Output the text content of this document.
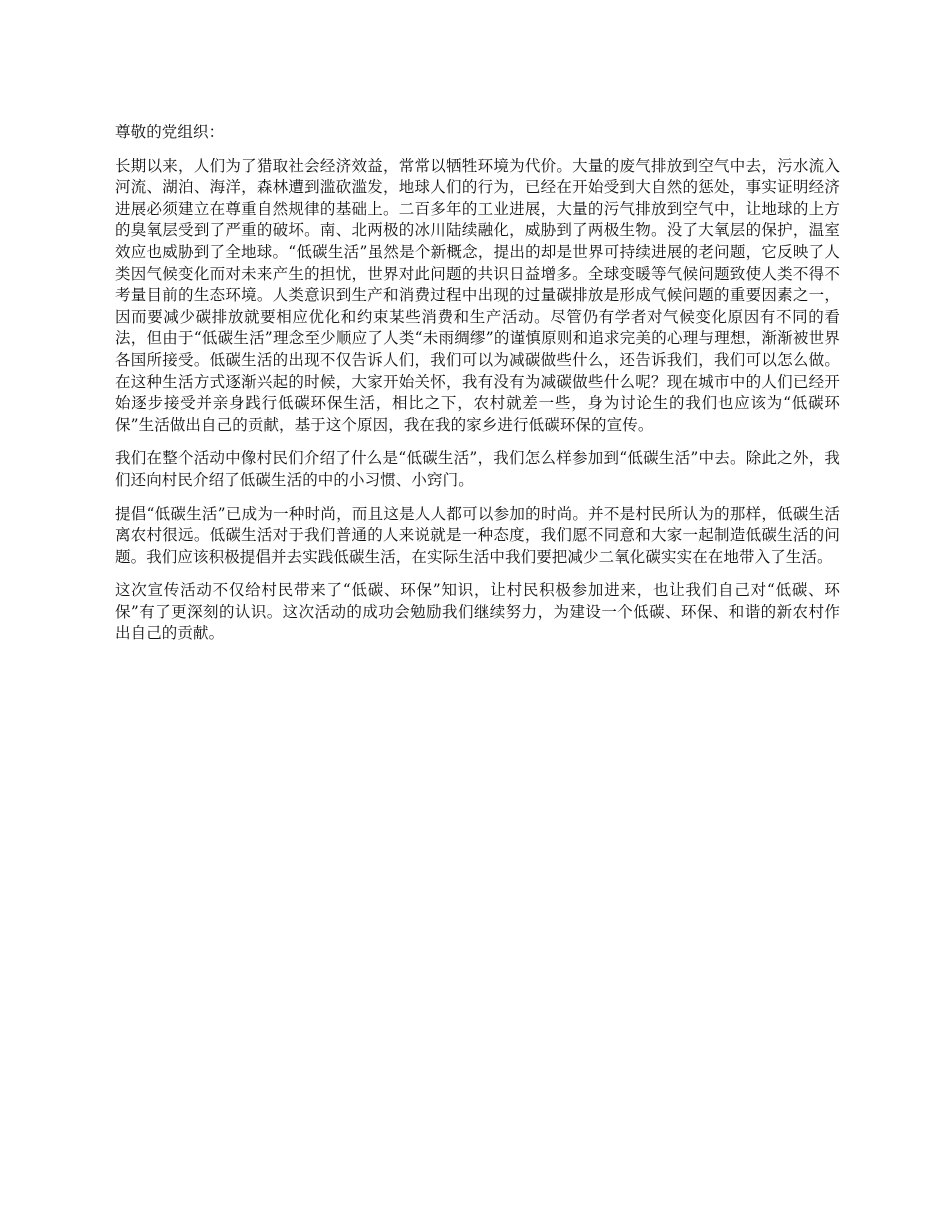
尊敬的党组织：

长期以来，人们为了猎取社会经济效益，常常以牺牲环境为代价。大量的废气排放到空气中去，污水流入河流、湖泊、海洋，森林遭到滥砍滥发，地球人们的行为，已经在开始受到大自然的惩处，事实证明经济进展必须建立在尊重自然规律的基础上。二百多年的工业进展，大量的污气排放到空气中，让地球的上方的臭氧层受到了严重的破坏。南、北两极的冰川陆续融化，威胁到了两极生物。没了大氧层的保护，温室效应也威胁到了全地球。“低碳生活”虽然是个新概念，提出的却是世界可持续进展的老问题，它反映了人类因气候变化而对未来产生的担忧，世界对此问题的共识日益增多。全球变暖等气候问题致使人类不得不考量目前的生态环境。人类意识到生产和消费过程中出现的过量碳排放是形成气候问题的重要因素之一，因而要减少碳排放就要相应优化和约束某些消费和生产活动。尽管仍有学者对气候变化原因有不同的看法，但由于“低碳生活”理念至少顺应了人类“未雨绸缪”的谨慎原则和追求完美的心理与理想，渐渐被世界各国所接受。低碳生活的出现不仅告诉人们，我们可以为减碳做些什么，还告诉我们，我们可以怎么做。在这种生活方式逐渐兴起的时候，大家开始关怀，我有没有为减碳做些什么呢？现在城市中的人们已经开始逐步接受并亲身践行低碳环保生活，相比之下，农村就差一些，身为讨论生的我们也应该为“低碳环保”生活做出自己的贡献，基于这个原因，我在我的家乡进行低碳环保的宣传。

我们在整个活动中像村民们介绍了什么是“低碳生活”，我们怎么样参加到“低碳生活”中去。除此之外，我们还向村民介绍了低碳生活的中的小习惯、小窍门。

提倡“低碳生活”已成为一种时尚，而且这是人人都可以参加的时尚。并不是村民所认为的那样，低碳生活离农村很远。低碳生活对于我们普通的人来说就是一种态度，我们愿不同意和大家一起制造低碳生活的问题。我们应该积极提倡并去实践低碳生活，在实际生活中我们要把减少二氧化碳实实在在地带入了生活。

这次宣传活动不仅给村民带来了“低碳、环保”知识，让村民积极参加进来，也让我们自己对“低碳、环保”有了更深刻的认识。这次活动的成功会勉励我们继续努力，为建设一个低碳、环保、和谐的新农村作出自己的贡献。
